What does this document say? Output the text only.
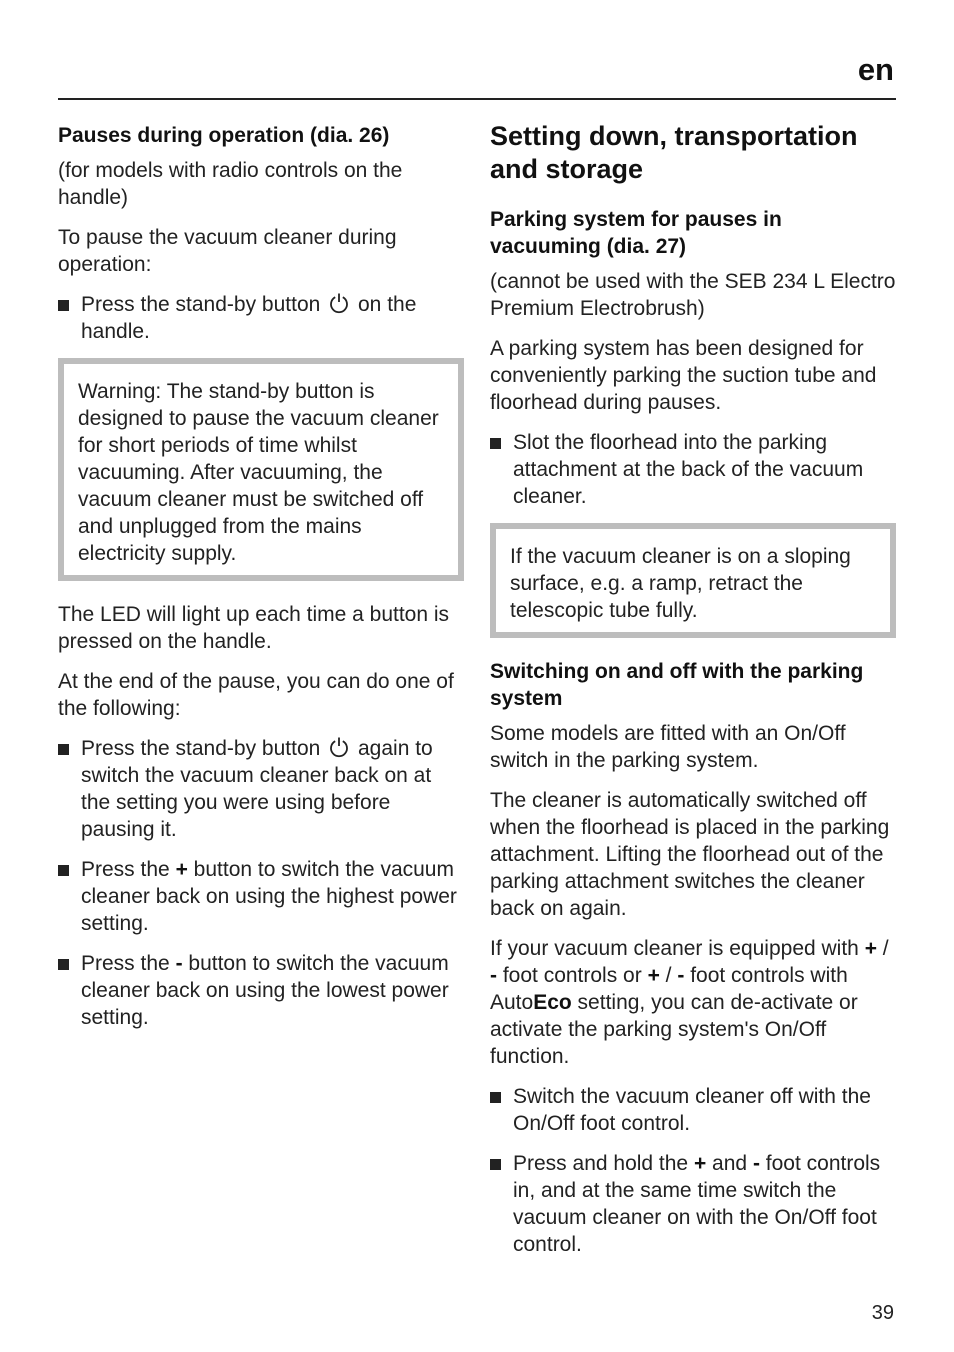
en
Pauses during operation (dia. 26)

(for models with radio controls on the handle)

To pause the vacuum cleaner during operation:

Press the stand-by button on the handle.

Warning: The stand-by button is designed to pause the vacuum cleaner for short periods of time whilst vacuuming. After vacuuming, the vacuum cleaner must be switched off and unplugged from the mains electricity supply.

The LED will light up each time a button is pressed on the handle.

At the end of the pause, you can do one of the following:

Press the stand-by button again to switch the vacuum cleaner back on at the setting you were using before pausing it.
Press the + button to switch the vacuum cleaner back on using the highest power setting.
Press the - button to switch the vacuum cleaner back on using the lowest power setting.
Setting down, transportation and storage
Parking system for pauses in vacuuming (dia. 27)

(cannot be used with the SEB 234 L Electro Premium Electrobrush)

A parking system has been designed for conveniently parking the suction tube and floorhead during pauses.

Slot the floorhead into the parking attachment at the back of the vacuum cleaner.

If the vacuum cleaner is on a sloping surface, e.g. a ramp, retract the telescopic tube fully.

Switching on and off with the parking system

Some models are fitted with an On/Off switch in the parking system.

The cleaner is automatically switched off when the floorhead is placed in the parking attachment. Lifting the floorhead out of the parking attachment switches the cleaner back on again.

If your vacuum cleaner is equipped with + / - foot controls or + / - foot controls with AutoEco setting, you can de-activate or activate the parking system's On/Off function.

Switch the vacuum cleaner off with the On/Off foot control.
Press and hold the + and - foot controls in, and at the same time switch the vacuum cleaner on with the On/Off foot control.
39
